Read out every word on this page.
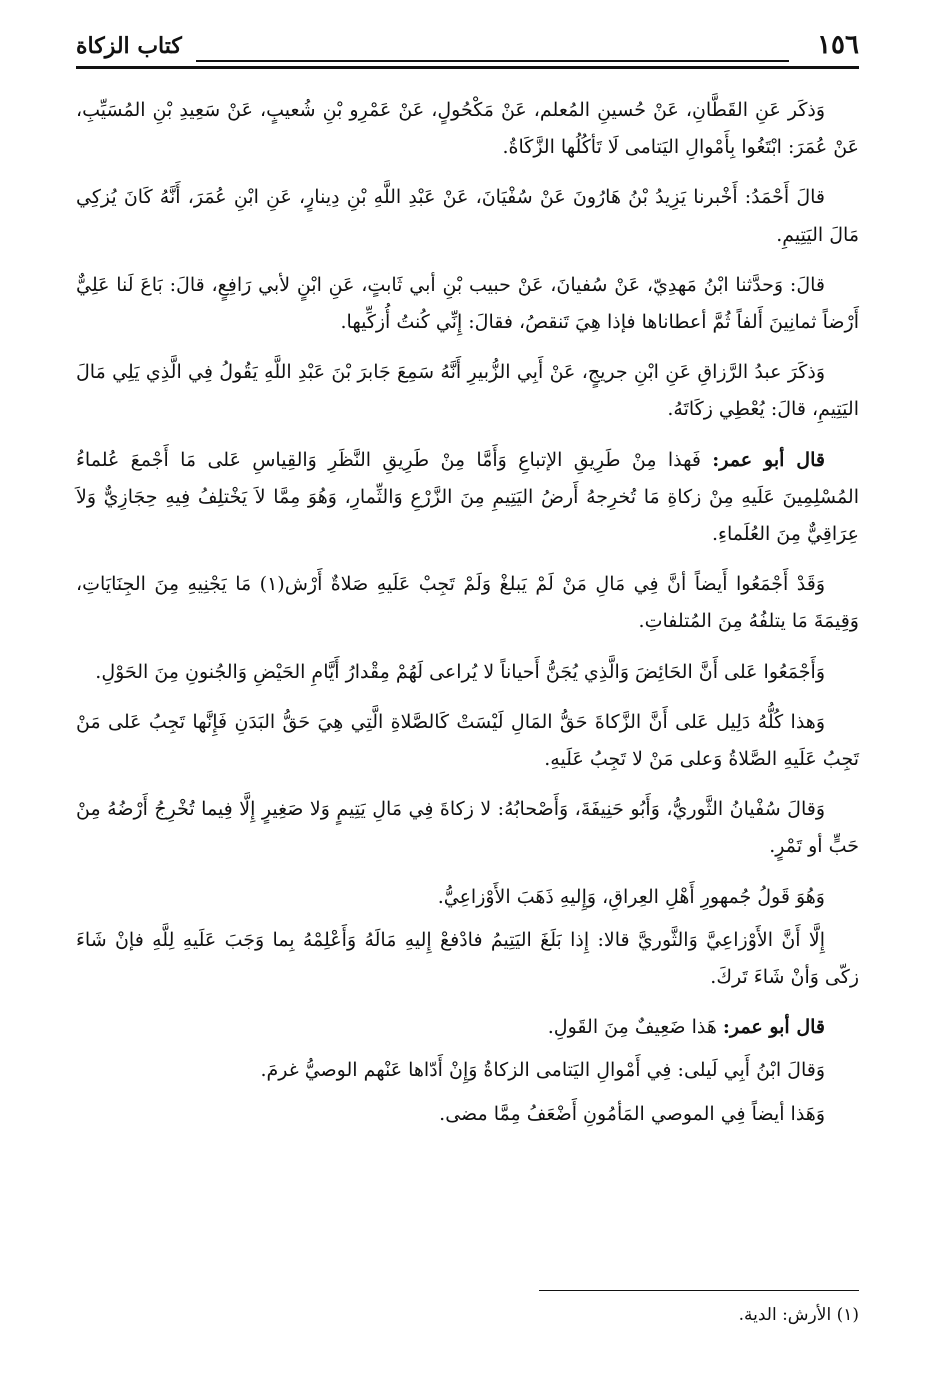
١٥٦
كتاب الزكاة

وَذكَر عَنِ القَطَّانِ، عَنْ حُسينِ المُعلم، عَنْ مَكْحُولٍ، عَنْ عَمْرِو بْنِ شُعيبٍ، عَنْ سَعِيدِ بْنِ المُسَيِّبِ، عَنْ عُمَرَ: ابْتَغُوا بِأَمْوالِ اليَتامى لَا تَأكُلُها الزَّكَاةُ.

قالَ أَحْمَدُ: أَخْبرنا يَزِيدُ بْنُ هَارُونَ عَنْ سُفْيَانَ، عَنْ عَبْدِ اللَّهِ بْنِ دِينارٍ، عَنِ ابْنِ عُمَرَ، أَنَّهُ كَانَ يُزكِي مَالَ اليَتِيمِ.

قالَ: وَحدَّثنا ابْنُ مَهدِيّ، عَنْ سُفيانَ، عَنْ حبيب بْنِ أبي ثَابتٍ، عَنِ ابْنٍ لأبي رَافِعٍ، قالَ: بَاعَ لَنا عَلِيٌّ أَرْضاً ثمانِينَ أَلفاً ثُمَّ أعطاناها فإذا هِيَ تَنقصُ، فقالَ: إِنِّي كُنتُ أُزكِّيها.

وَذكَرَ عبدُ الرَّزاقِ عَنِ ابْنِ جريجٍ، عَنْ أَبِي الزُّبيرِ أَنَّهُ سَمِعَ جَابرَ بْنَ عَبْدِ اللَّهِ يَقُولُ فِي الَّذِي يَلِي مَالَ اليَتِيمِ، قالَ: يُعْطِي زكَاتَهُ.

قال أبو عمر: فَهذا مِنْ طَرِيقِ الإتباعِ وَأَمَّا مِنْ طَرِيقِ النَّظَرِ وَالقِياسِ عَلى مَا أَجْمعَ عُلماءُ المُسْلِمِينَ عَلَيهِ مِنْ زكاةِ مَا تُخرِجهُ أَرضُ اليَتِيمِ مِنَ الزَّرْعِ وَالثِّمارِ، وَهُوَ مِمَّا لاَ يَخْتلِفُ فِيهِ حِجَازِيٌّ وَلاَ عِرَاقِيٌّ مِنَ العُلَماءِ.

وَقَدْ أَجْمَعُوا أَيضاً أنَّ فِي مَالِ مَنْ لَمْ يَبلغْ وَلَمْ تَجِبْ عَلَيهِ صَلاةٌ أَرْش(١) مَا يَجْنِيهِ مِنَ الجِنَايَاتِ، وَقِيمَةَ مَا يتلفُهُ مِنَ المُتلفاتِ.

وَأَجْمَعُوا عَلى أَنَّ الحَائِضَ وَالَّذِي يُجَنُّ أَحياناً لا يُراعى لَهُمْ مِقْدارُ أَيَّامِ الحَيْضِ وَالجُنونِ مِنَ الحَوْلِ.

وَهذا كُلُّهُ دَلِيل عَلى أَنَّ الزَّكاةَ حَقُّ المَالِ لَيْسَتْ كَالصَّلاةِ الَّتِي هِيَ حَقُّ البَدَنِ فَإِنَّها تَجِبُ عَلى مَنْ تَجِبُ عَلَيهِ الصَّلاةُ وَعلى مَنْ لا تَجِبُ عَلَيهِ.

وَقالَ سُفْيانُ الثَّوريُّ، وَأَبُو حَنِيفَةَ، وَأَصْحابُهُ: لا زكاةَ فِي مَالِ يَتِيمٍ وَلا صَغِيرٍ إِلَّا فِيما تُخْرِجُ أَرْضُهُ مِنْ حَبٍّ أو تَمْرٍ.

وَهُوَ قَولُ جُمهورِ أَهْلِ العِراقِ، وَإِليهِ ذَهَبَ الأَوْزاعِيُّ.

إِلَّا أَنَّ الأَوْزاعِيَّ وَالثَّوريَّ قالا: إِذا بَلَغَ اليَتِيمُ فادْفعْ إِليهِ مَالَهُ وَأَعْلِمْهُ بِما وَجَبَ عَلَيهِ لِلَّهِ فإنْ شَاءَ زكّى وَأنْ شَاءَ تَركَ.

قال أبو عمر: هَذا ضَعِيفٌ مِنَ القَولِ.

وَقالَ ابْنُ أَبِي لَيلى: فِي أَمْوالِ اليَتامى الزكاةُ وَإِنْ أَدّاها عَنْهم الوصيُّ غرمَ.

وَهَذا أيضاً فِي الموصي المَأمُونِ أَضْعَفُ مِمَّا مضى.

(١) الأرش: الدية.
